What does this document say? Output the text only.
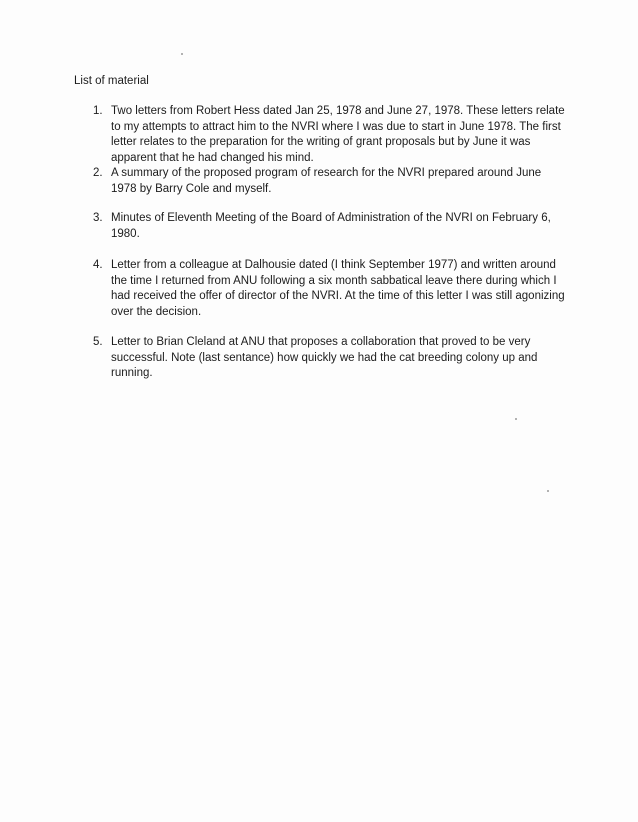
List of material
1. Two letters from Robert Hess dated Jan 25, 1978 and June 27, 1978. These letters relate to my attempts to attract him to the NVRI where I was due to start in June 1978. The first letter relates to the preparation for the writing of grant proposals but by June it was apparent that he had changed his mind.
2. A summary of the proposed program of research for the NVRI prepared around June 1978 by Barry Cole and myself.
3. Minutes of Eleventh Meeting of the Board of Administration of the NVRI on February 6, 1980.
4. Letter from a colleague at Dalhousie dated (I think September 1977) and written around the time I returned from ANU following a six month sabbatical leave there during which I had received the offer of director of the NVRI. At the time of this letter I was still agonizing over the decision.
5. Letter to Brian Cleland at ANU that proposes a collaboration that proved to be very successful. Note (last sentance) how quickly we had the cat breeding colony up and running.
